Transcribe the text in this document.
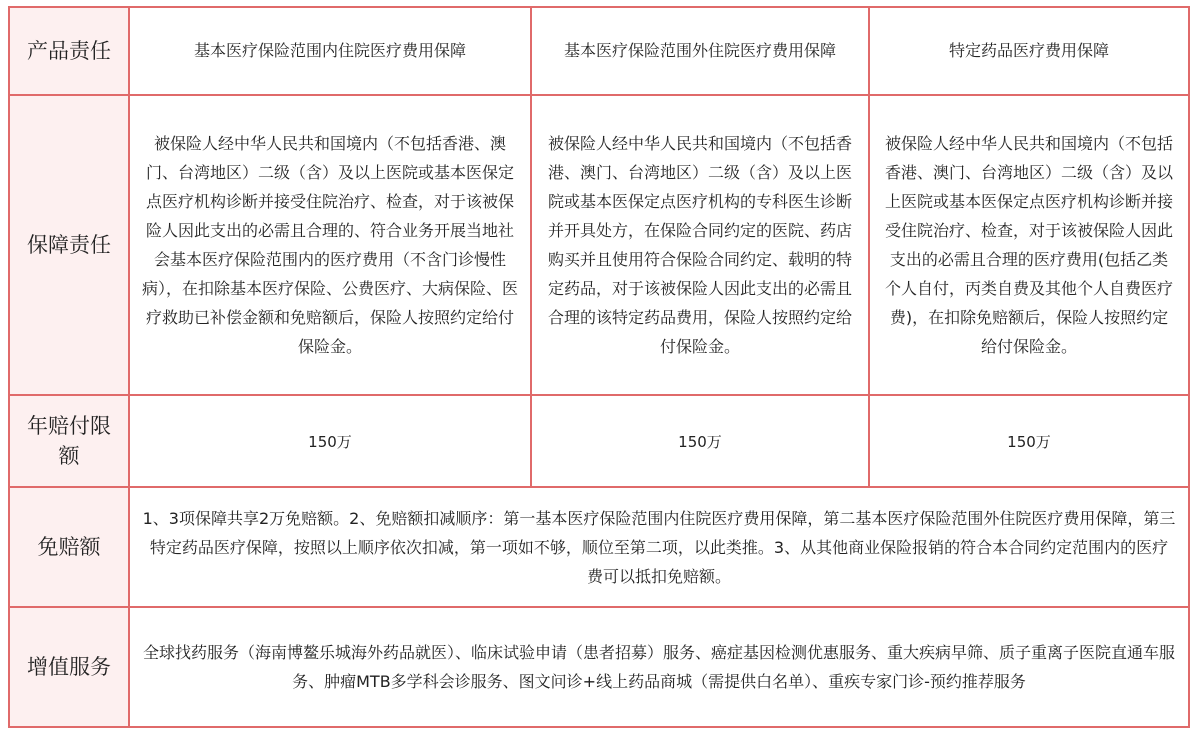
产品责任	基本医疗保险范围内住院医疗费用保障	基本医疗保险范围外住院医疗费用保障	特定药品医疗费用保障
保障责任	被保险人经中华人民共和国境内（不包括香港、澳门、台湾地区）二级（含）及以上医院或基本医保定点医疗机构诊断并接受住院治疗、检查，对于该被保险人因此支出的必需且合理的、符合业务开展当地社会基本医疗保险范围内的医疗费用（不含门诊慢性病），在扣除基本医疗保险、公费医疗、大病保险、医疗救助已补偿金额和免赔额后，保险人按照约定给付保险金。	被保险人经中华人民共和国境内（不包括香港、澳门、台湾地区）二级（含）及以上医院或基本医保定点医疗机构的专科医生诊断并开具处方，在保险合同约定的医院、药店购买并且使用符合保险合同约定、载明的特定药品，对于该被保险人因此支出的必需且合理的该特定药品费用，保险人按照约定给付保险金。	被保险人经中华人民共和国境内（不包括香港、澳门、台湾地区）二级（含）及以上医院或基本医保定点医疗机构诊断并接受住院治疗、检查，对于该被保险人因此支出的必需且合理的医疗费用(包括乙类个人自付，丙类自费及其他个人自费医疗费)，在扣除免赔额后，保险人按照约定给付保险金。
年赔付限额	150万	150万	150万
免赔额	1、3项保障共享2万免赔额。2、免赔额扣减顺序：第一基本医疗保险范围内住院医疗费用保障，第二基本医疗保险范围外住院医疗费用保障，第三特定药品医疗保障，按照以上顺序依次扣减，第一项如不够，顺位至第二项，以此类推。3、从其他商业保险报销的符合本合同约定范围内的医疗费可以抵扣免赔额。		
增值服务	全球找药服务（海南博鳌乐城海外药品就医）、临床试验申请（患者招募）服务、癌症基因检测优惠服务、重大疾病早筛、质子重离子医院直通车服务、肿瘤MTB多学科会诊服务、图文问诊+线上药品商城（需提供白名单）、重疾专家门诊-预约推荐服务		
